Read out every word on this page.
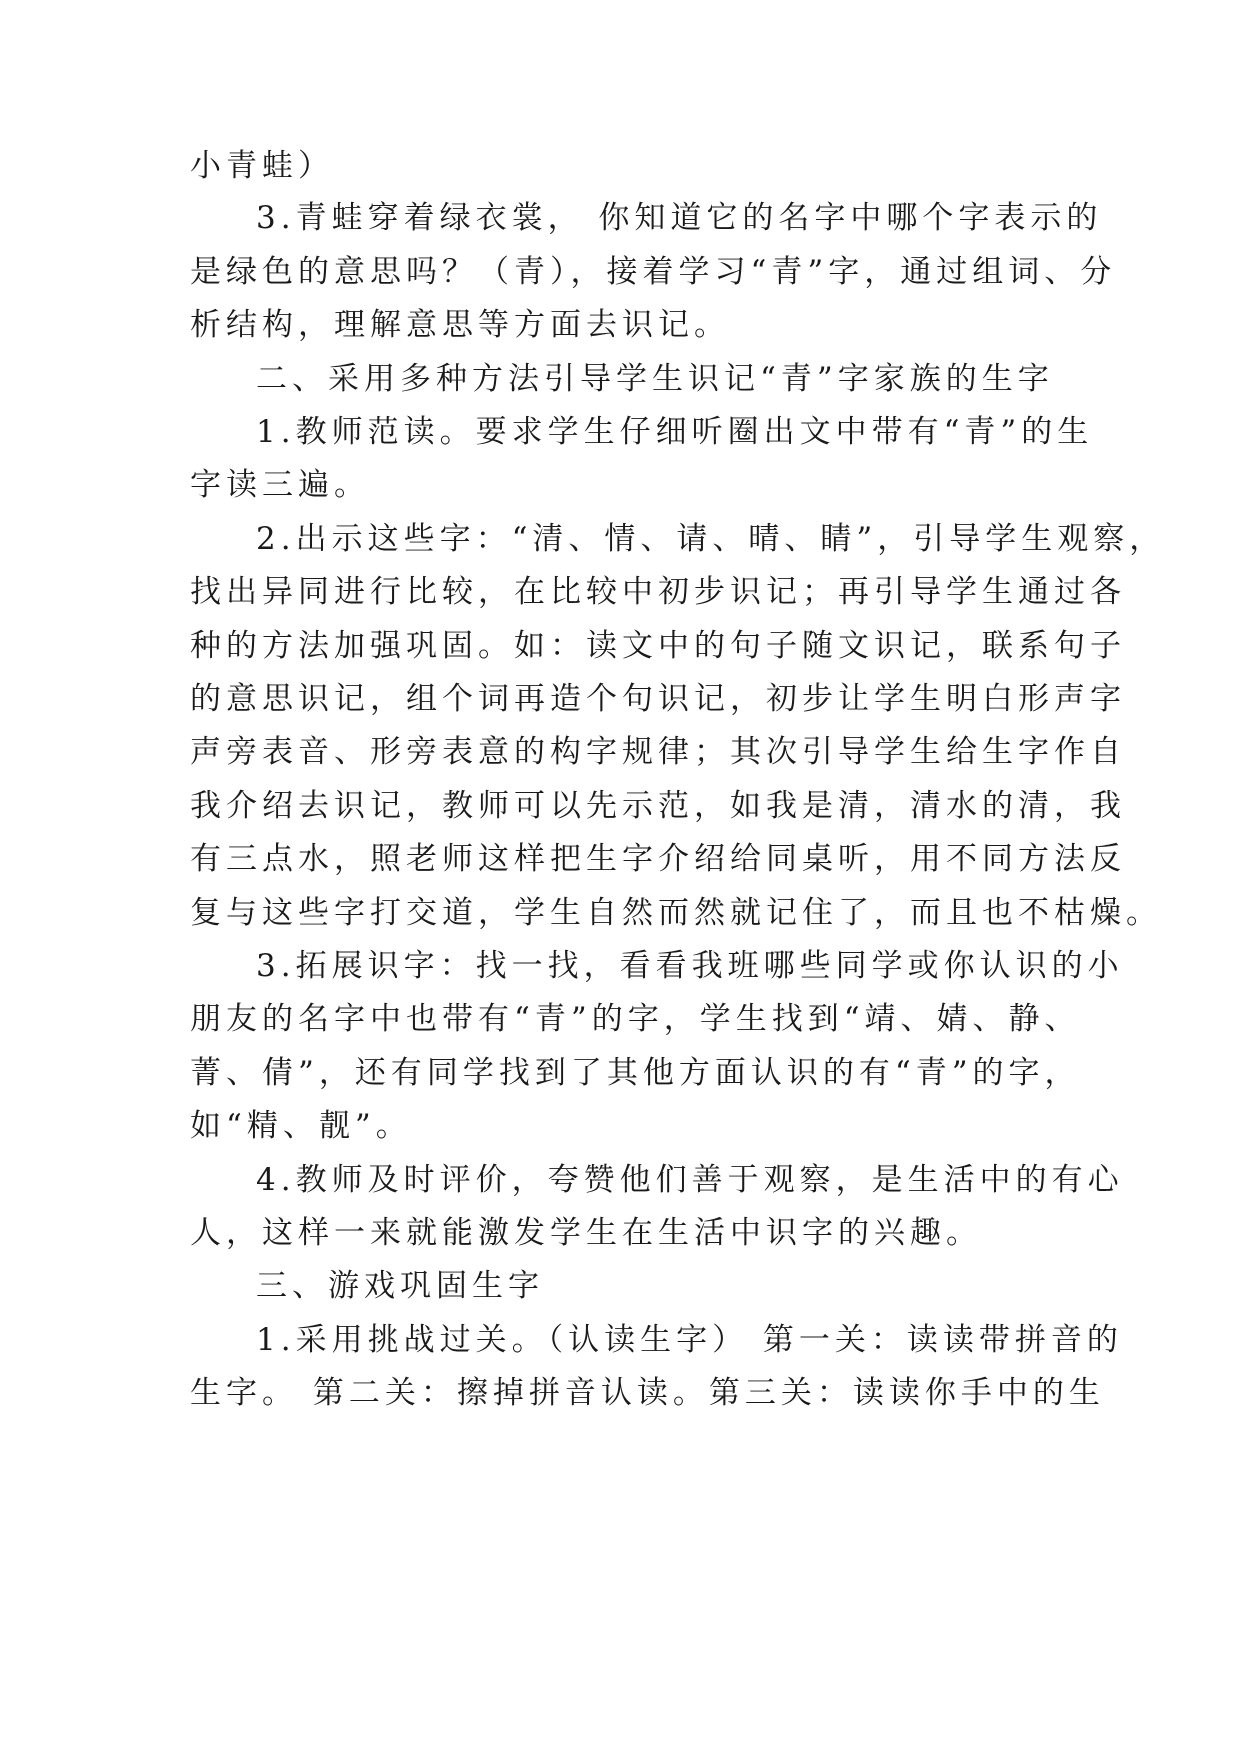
小青蛙）
3.青蛙穿着绿衣裳， 你知道它的名字中哪个字表示的
是绿色的意思吗？（青），接着学习“青”字，通过组词、分
析结构，理解意思等方面去识记。
二、采用多种方法引导学生识记“青”字家族的生字
1.教师范读。要求学生仔细听圈出文中带有“青”的生
字读三遍。
2.出示这些字：“清、情、请、晴、睛”，引导学生观察，
找出异同进行比较，在比较中初步识记；再引导学生通过各
种的方法加强巩固。如：读文中的句子随文识记，联系句子
的意思识记，组个词再造个句识记，初步让学生明白形声字
声旁表音、形旁表意的构字规律；其次引导学生给生字作自
我介绍去识记，教师可以先示范，如我是清，清水的清，我
有三点水，照老师这样把生字介绍给同桌听，用不同方法反
复与这些字打交道，学生自然而然就记住了，而且也不枯燥。
3.拓展识字：找一找，看看我班哪些同学或你认识的小
朋友的名字中也带有“青”的字，学生找到“靖、婧、静、
菁、倩”，还有同学找到了其他方面认识的有“青”的字，
如“精、靓”。
4.教师及时评价，夸赞他们善于观察，是生活中的有心
人，这样一来就能激发学生在生活中识字的兴趣。
三、游戏巩固生字
1.采用挑战过关。（认读生字） 第一关：读读带拼音的
生字。 第二关：擦掉拼音认读。第三关：读读你手中的生
